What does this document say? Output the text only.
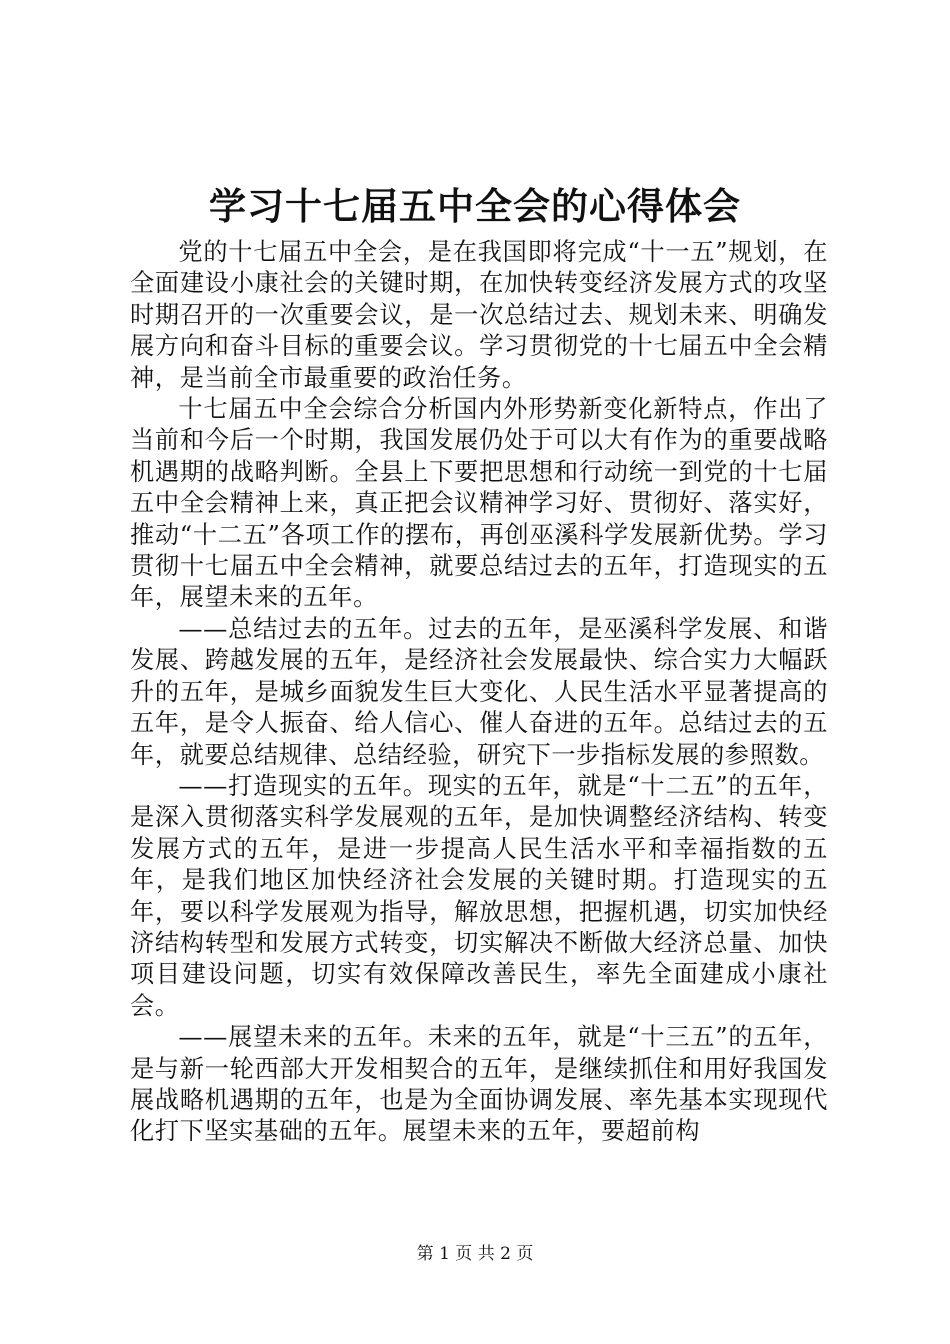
学习十七届五中全会的心得体会

党的十七届五中全会，是在我国即将完成“十一五”规划，在全面建设小康社会的关键时期，在加快转变经济发展方式的攻坚时期召开的一次重要会议，是一次总结过去、规划未来、明确发展方向和奋斗目标的重要会议。学习贯彻党的十七届五中全会精神，是当前全市最重要的政治任务。

十七届五中全会综合分析国内外形势新变化新特点，作出了当前和今后一个时期，我国发展仍处于可以大有作为的重要战略机遇期的战略判断。全县上下要把思想和行动统一到党的十七届五中全会精神上来，真正把会议精神学习好、贯彻好、落实好，推动“十二五”各项工作的摆布，再创巫溪科学发展新优势。学习贯彻十七届五中全会精神，就要总结过去的五年，打造现实的五年，展望未来的五年。

——总结过去的五年。过去的五年，是巫溪科学发展、和谐发展、跨越发展的五年，是经济社会发展最快、综合实力大幅跃升的五年，是城乡面貌发生巨大变化、人民生活水平显著提高的五年，是令人振奋、给人信心、催人奋进的五年。总结过去的五年，就要总结规律、总结经验，研究下一步指标发展的参照数。

——打造现实的五年。现实的五年，就是“十二五”的五年，是深入贯彻落实科学发展观的五年，是加快调整经济结构、转变发展方式的五年，是进一步提高人民生活水平和幸福指数的五年，是我们地区加快经济社会发展的关键时期。打造现实的五年，要以科学发展观为指导，解放思想，把握机遇，切实加快经济结构转型和发展方式转变，切实解决不断做大经济总量、加快项目建设问题，切实有效保障改善民生，率先全面建成小康社会。

——展望未来的五年。未来的五年，就是“十三五”的五年，是与新一轮西部大开发相契合的五年，是继续抓住和用好我国发展战略机遇期的五年，也是为全面协调发展、率先基本实现现代化打下坚实基础的五年。展望未来的五年，要超前构

第 1 页 共 2 页
